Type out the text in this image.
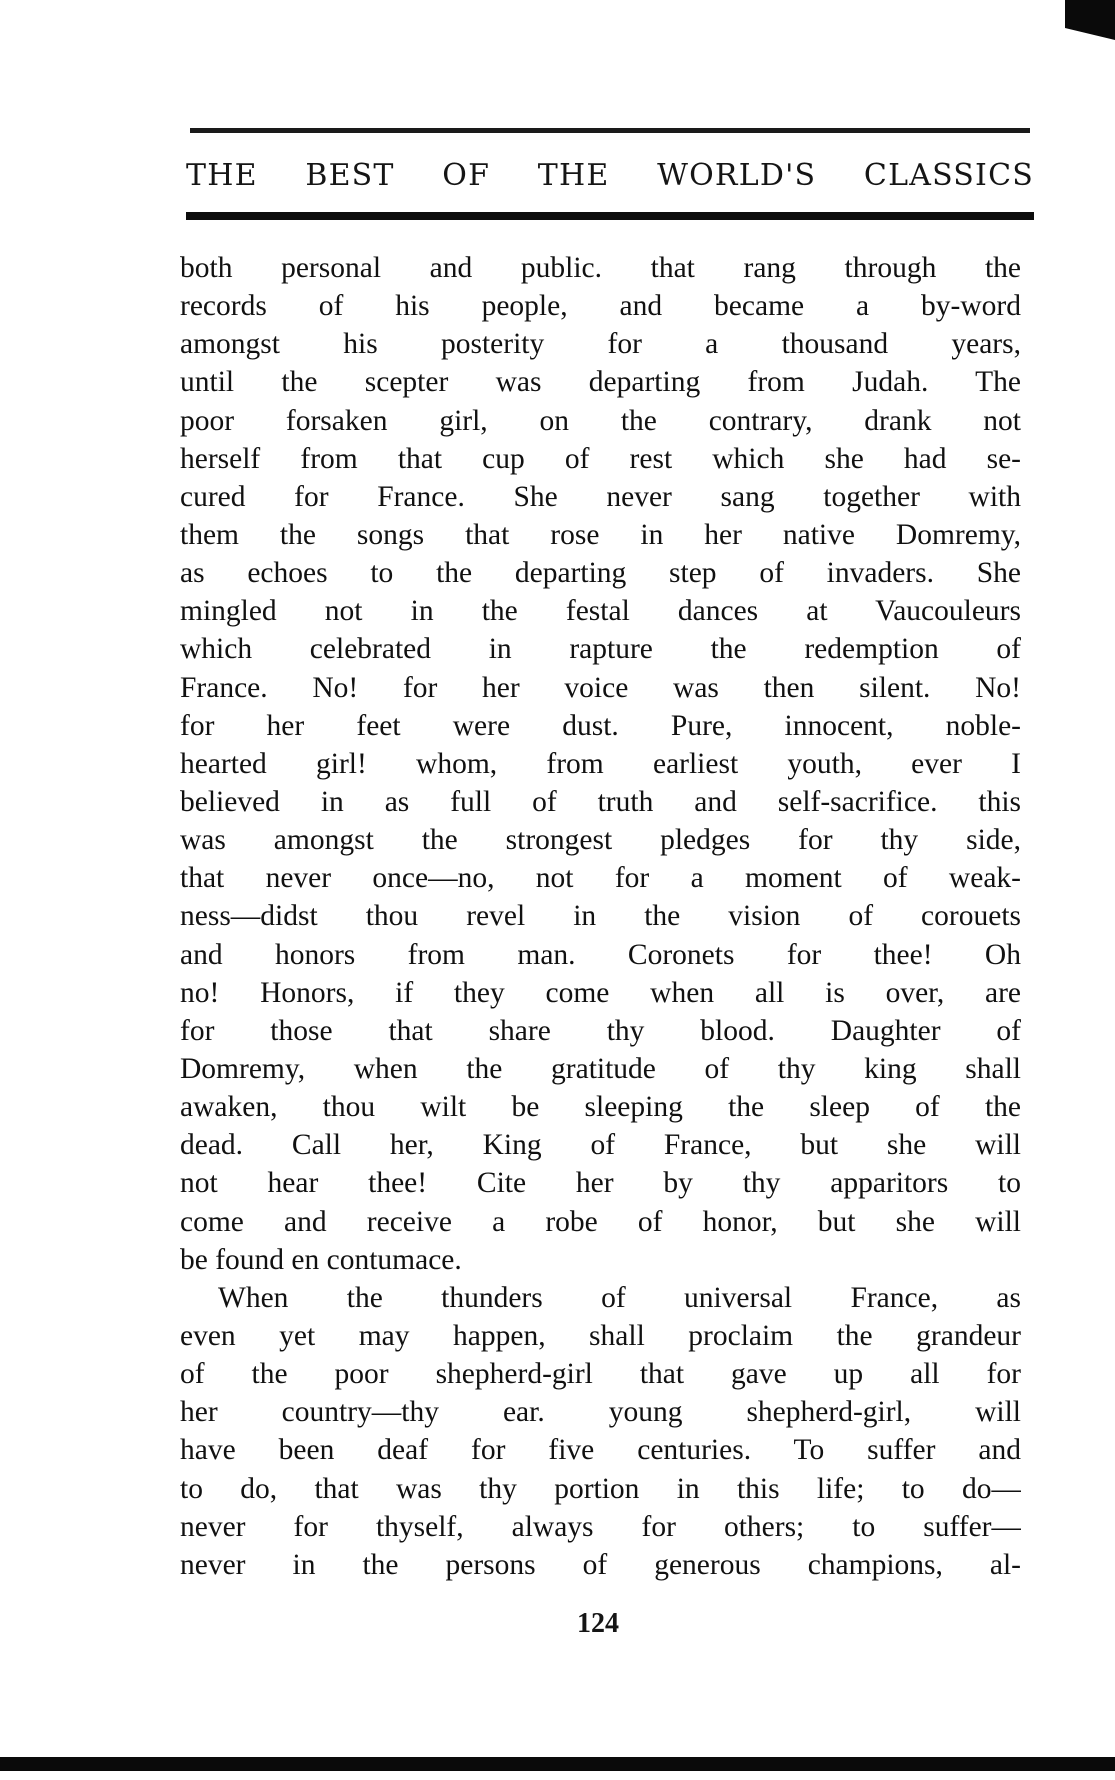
THE BEST OF THE WORLD'S CLASSICS
both personal and public. that rang through the
records of his people, and became a by-word
amongst his posterity for a thousand years,
until the scepter was departing from Judah. The
poor forsaken girl, on the contrary, drank not
herself from that cup of rest which she had se-
cured for France. She never sang together with
them the songs that rose in her native Domremy,
as echoes to the departing step of invaders. She
mingled not in the festal dances at Vaucouleurs
which celebrated in rapture the redemption of
France. No! for her voice was then silent. No!
for her feet were dust. Pure, innocent, noble-
hearted girl! whom, from earliest youth, ever I
believed in as full of truth and self-sacrifice. this
was amongst the strongest pledges for thy side,
that never once—no, not for a moment of weak-
ness—didst thou revel in the vision of corouets
and honors from man. Coronets for thee! Oh
no! Honors, if they come when all is over, are
for those that share thy blood. Daughter of
Domremy, when the gratitude of thy king shall
awaken, thou wilt be sleeping the sleep of the
dead. Call her, King of France, but she will
not hear thee! Cite her by thy apparitors to
come and receive a robe of honor, but she will
be found en contumace.
When the thunders of universal France, as
even yet may happen, shall proclaim the grandeur
of the poor shepherd-girl that gave up all for
her country—thy ear. young shepherd-girl, will
have been deaf for five centuries. To suffer and
to do, that was thy portion in this life; to do—
never for thyself, always for others; to suffer—
never in the persons of generous champions, al-
124
